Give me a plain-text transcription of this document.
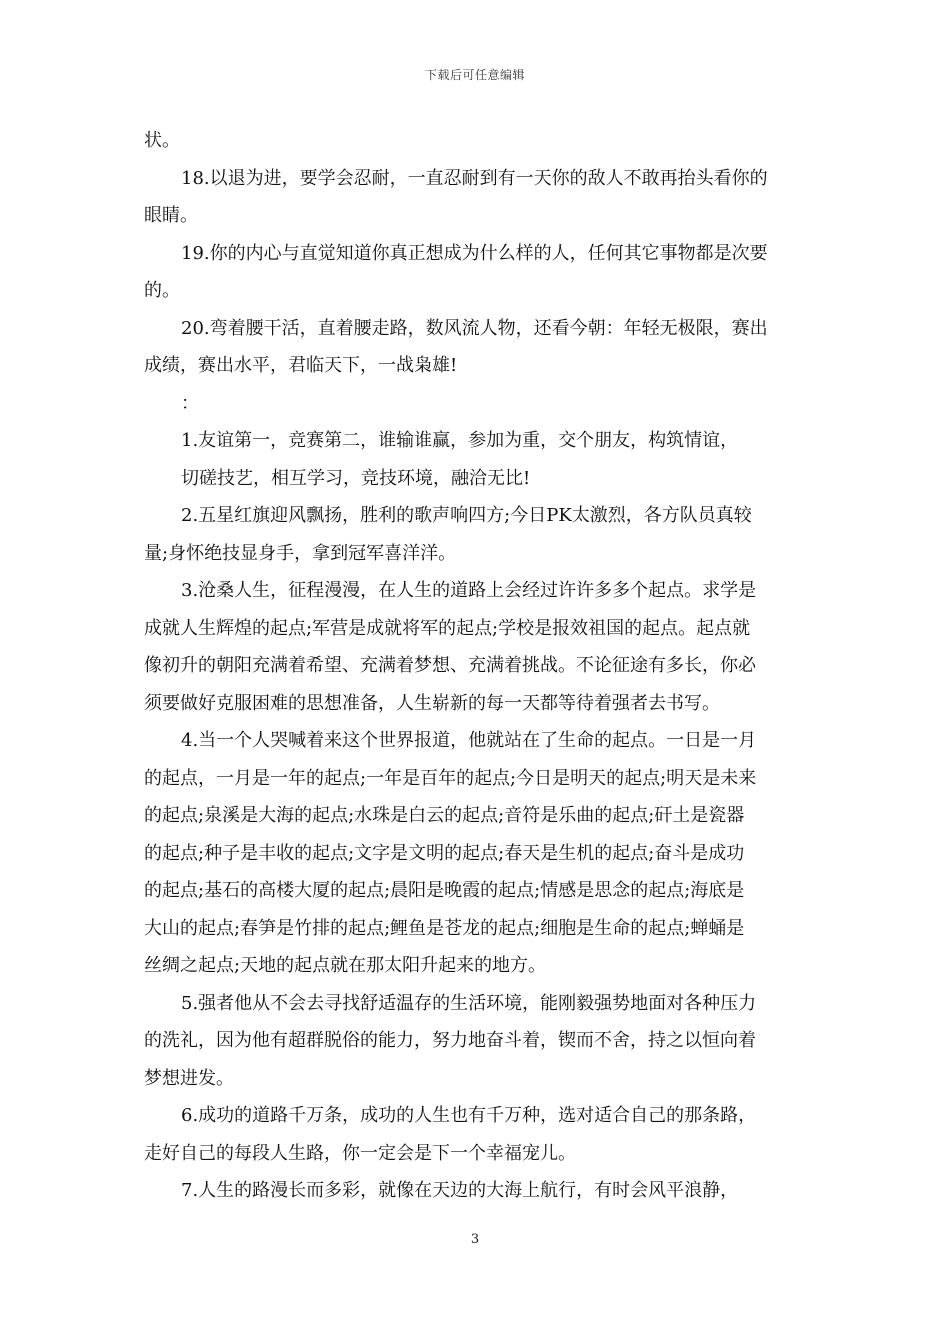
下载后可任意编辑
状。
18.以退为进，要学会忍耐，一直忍耐到有一天你的敌人不敢再抬头看你的
眼睛。
19.你的内心与直觉知道你真正想成为什么样的人，任何其它事物都是次要
的。
20.弯着腰干活，直着腰走路，数风流人物，还看今朝：年轻无极限，赛出
成绩，赛出水平，君临天下，一战枭雄!
：
1.友谊第一，竞赛第二，谁输谁赢，参加为重，交个朋友，构筑情谊，
切磋技艺，相互学习，竞技环境，融洽无比!
2.五星红旗迎风飘扬，胜利的歌声响四方;今日PK太激烈，各方队员真较
量;身怀绝技显身手，拿到冠军喜洋洋。
3.沧桑人生，征程漫漫，在人生的道路上会经过许许多多个起点。求学是
成就人生辉煌的起点;军营是成就将军的起点;学校是报效祖国的起点。起点就
像初升的朝阳充满着希望、充满着梦想、充满着挑战。不论征途有多长，你必
须要做好克服困难的思想准备，人生崭新的每一天都等待着强者去书写。
4.当一个人哭喊着来这个世界报道，他就站在了生命的起点。一日是一月
的起点，一月是一年的起点;一年是百年的起点;今日是明天的起点;明天是未来
的起点;泉溪是大海的起点;水珠是白云的起点;音符是乐曲的起点;矸土是瓷器
的起点;种子是丰收的起点;文字是文明的起点;春天是生机的起点;奋斗是成功
的起点;基石的高楼大厦的起点;晨阳是晚霞的起点;情感是思念的起点;海底是
大山的起点;春笋是竹排的起点;鲤鱼是苍龙的起点;细胞是生命的起点;蝉蛹是
丝绸之起点;天地的起点就在那太阳升起来的地方。
5.强者他从不会去寻找舒适温存的生活环境，能刚毅强势地面对各种压力
的洗礼，因为他有超群脱俗的能力，努力地奋斗着，锲而不舍，持之以恒向着
梦想进发。
6.成功的道路千万条，成功的人生也有千万种，选对适合自己的那条路，
走好自己的每段人生路，你一定会是下一个幸福宠儿。
7.人生的路漫长而多彩，就像在天边的大海上航行，有时会风平浪静，
3
